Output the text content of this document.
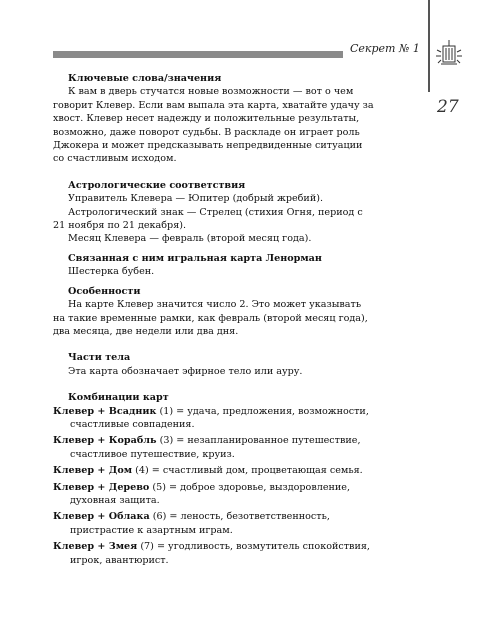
Секрет № 1
27

Ключевые слова/значения

К вам в дверь стучатся новые возможности — вот о чем говорит Клевер. Если вам выпала эта карта, хватайте удачу за хвост. Клевер несет надежду и положительные результаты, возможно, даже поворот судьбы. В раскладе он играет роль Джокера и может предсказывать непредвиденные ситуации со счастливым исходом.

Астрологические соответствия

Управитель Клевера — Юпитер (добрый жребий).

Астрологический знак — Стрелец (стихия Огня, период с 21 ноября по 21 декабря).

Месяц Клевера — февраль (второй месяц года).

Связанная с ним игральная карта Ленорман

Шестерка бубен.

Особенности

На карте Клевер значится число 2. Это может указывать на такие временные рамки, как февраль (второй месяц года), два месяца, две недели или два дня.

Части тела

Эта карта обозначает эфирное тело или ауру.

Комбинации карт

Клевер + Всадник (1) = удача, предложения, возможности, счастливые совпадения.

Клевер + Корабль (3) = незапланированное путешествие, счастливое путешествие, круиз.

Клевер + Дом (4) = счастливый дом, процветающая семья.

Клевер + Дерево (5) = доброе здоровье, выздоровление, духовная защита.

Клевер + Облака (6) = леность, безответственность, пристрастие к азартным играм.

Клевер + Змея (7) = угодливость, возмутитель спокойствия, игрок, авантюрист.
